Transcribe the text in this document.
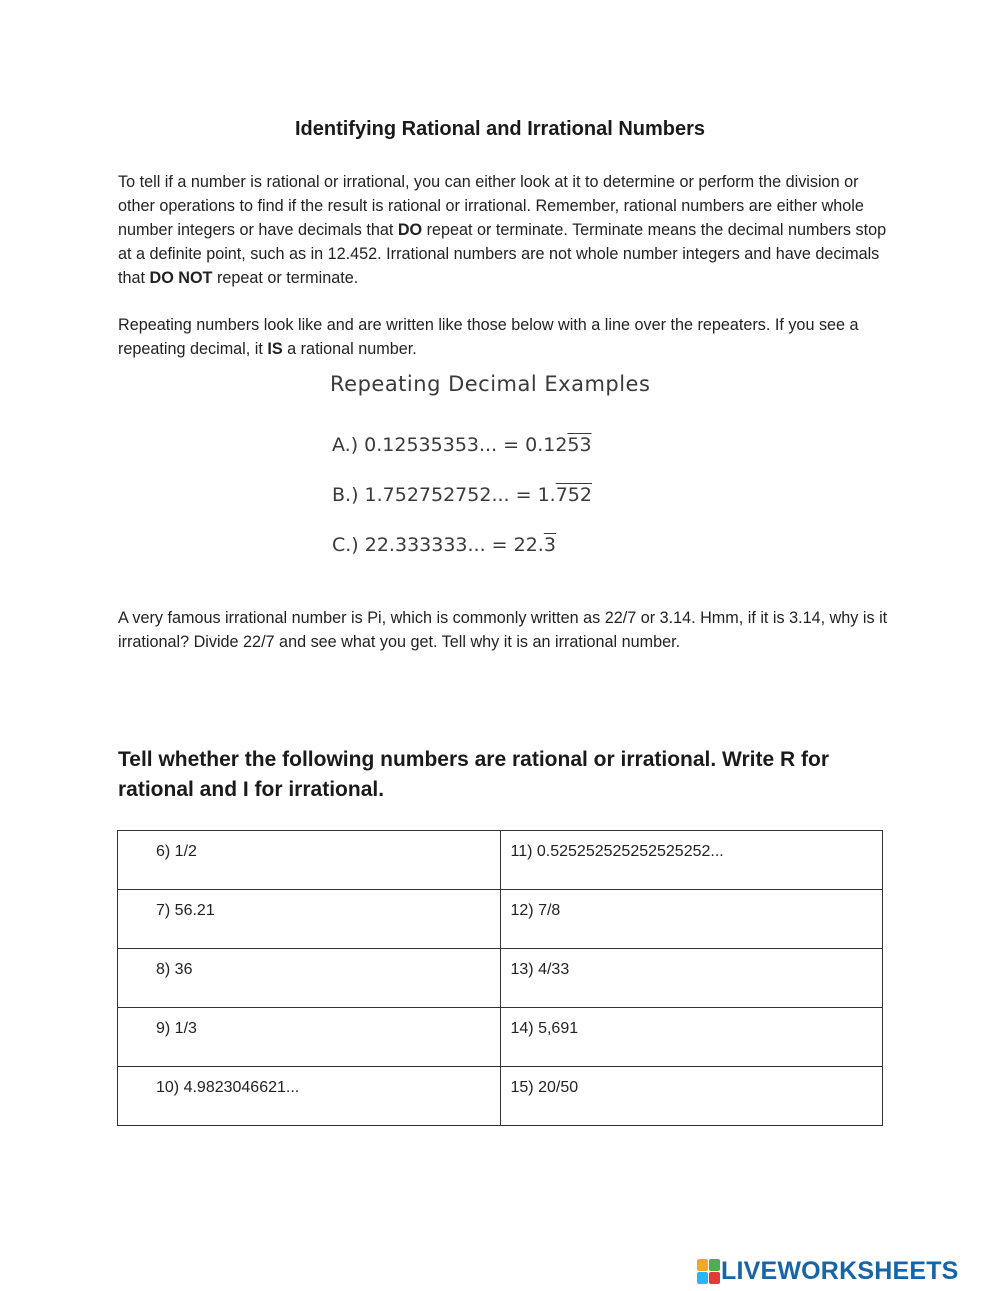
Identifying Rational and Irrational Numbers
To tell if a number is rational or irrational, you can either look at it to determine or perform the division or other operations to find if the result is rational or irrational. Remember, rational numbers are either whole number integers or have decimals that DO repeat or terminate. Terminate means the decimal numbers stop at a definite point, such as in 12.452. Irrational numbers are not whole number integers and have decimals that DO NOT repeat or terminate.
Repeating numbers look like and are written like those below with a line over the repeaters. If you see a repeating decimal, it IS a rational number.
Repeating Decimal Examples
A.) 0.12535353... = 0.1253
B.) 1.752752752... = 1.752
C.) 22.333333... = 22.3
A very famous irrational number is Pi, which is commonly written as 22/7 or 3.14. Hmm, if it is 3.14, why is it irrational? Divide 22/7 and see what you get. Tell why it is an irrational number.
Tell whether the following numbers are rational or irrational. Write R for rational and I for irrational.
6) 1/2	11) 0.525252525252525252...
7) 56.21	12) 7/8
8) 36	13) 4/33
9) 1/3	14) 5,691
10) 4.9823046621...	15) 20/50
LIVEWORKSHEETS
